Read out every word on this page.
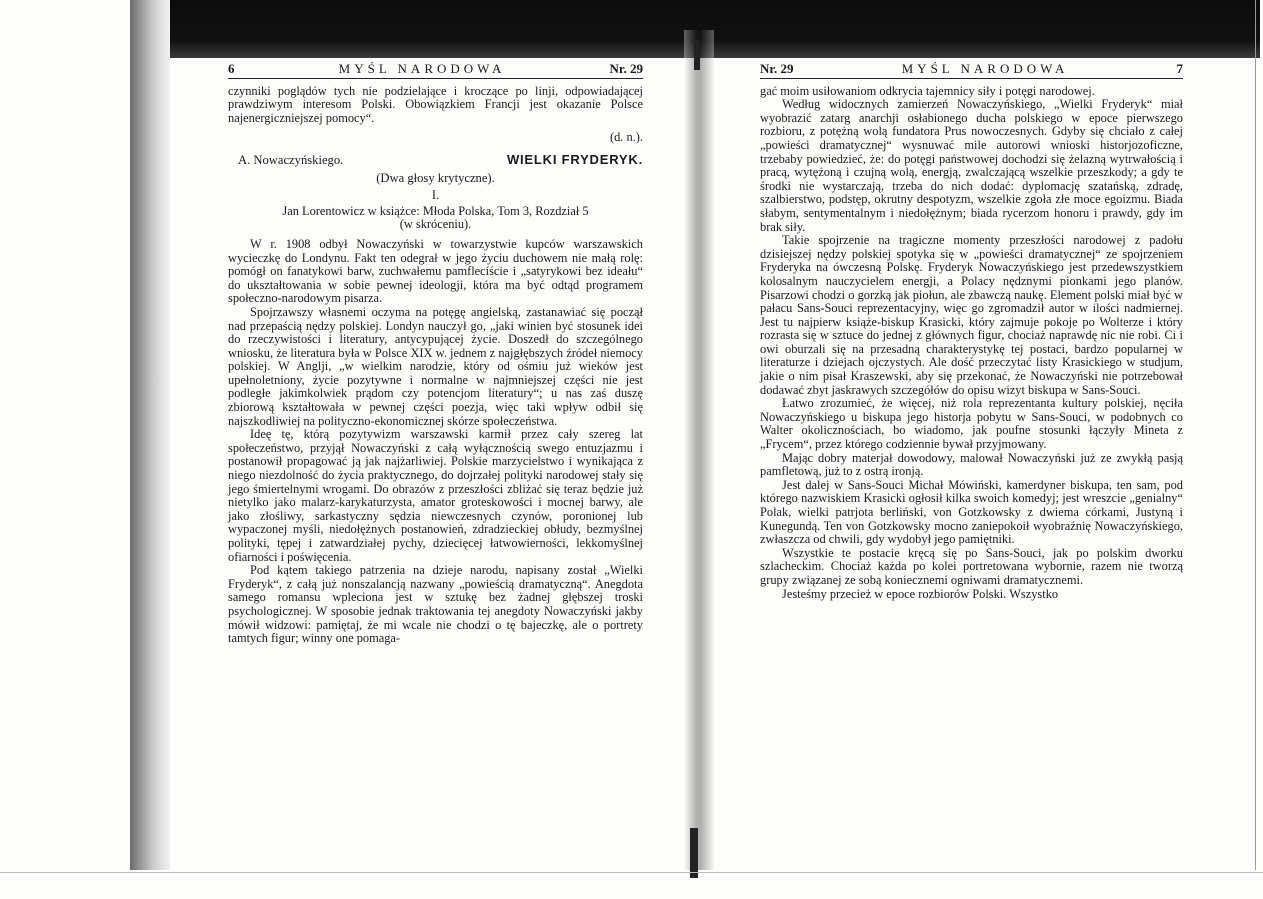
6	MYŚL NARODOWA	Nr. 29

czynniki poglądów tych nie podzielające i kroczące po linji, odpowiadającej prawdziwym interesom Polski. Obowiązkiem Francji jest okazanie Polsce najenergiczniejszej pomocy“.

(d. n.).
A. Nowaczyńskiego.	WIELKI FRYDERYK.

(Dwa głosy krytyczne).

I.

Jan Lorentowicz w książce: Młoda Polska, Tom 3, Rozdział 5
(w skróceniu).

W r. 1908 odbył Nowaczyński w towarzystwie kupców warszawskich wycieczkę do Londynu. Fakt ten odegrał w jego życiu duchowem nie małą rolę: pomógł on fanatykowi barw, zuchwałemu pamflecíście i „satyrykowi bez ideału“ do ukształtowania w sobie pewnej ideologji, która ma być odtąd programem społeczno-narodowym pisarza.

Spojrzawszy własnemi oczyma na potęgę angielską, zastanawiać się począł nad przepaścią nędzy polskiej. Londyn nauczył go, „jaki winien być stosunek idei do rzeczywistości i literatury, antycypującej życie. Doszedł do szczególnego wniosku, że literatura była w Polsce XIX w. jednem z najgłębszych źródeł niemocy polskiej. W Anglji, „w wielkim narodzie, który od ośmiu już wieków jest upełnoletniony, życie pozytywne i normalne w najmniejszej części nie jest podległe jakimkolwiek prądom czy potencjom literatury“; u nas zaś duszę zbiorową kształtowała w pewnej części poezja, więc taki wpływ odbił się najszkodliwiej na polityczno-ekonomicznej skórze społeczeństwa.

Ideę tę, którą pozytywizm warszawski karmił przez cały szereg lat społeczeństwo, przyjął Nowaczyński z całą wyłącznością swego entuzjazmu i postanowił propagować ją jak najżarliwiej. Polskie marzycielstwo i wynikająca z niego niezdolność do życia praktycznego, do dojrzałej polityki narodowej stały się jego śmiertelnymi wrogami. Do obrazów z przeszłości zbliżać się teraz będzie już nietylko jako malarz-karykaturzysta, amator groteskowości i mocnej barwy, ale jako złośliwy, sarkastyczny sędzia niewczesnych czynów, poronionej lub wypaczonej myśli, niedołężnych postanowień, zdradzieckiej obłudy, bezmyślnej polityki, tępej i zatwardziałej pychy, dziecięcej łatwowierności, lekkomyślnej ofiarności i poświęcenia.

Pod kątem takiego patrzenia na dzieje narodu, napisany został „Wielki Fryderyk“, z całą już nonszalancją nazwany „powieścią dramatyczną“. Anegdota samego romansu wpleciona jest w sztukę bez żadnej głębszej troski psychologicznej. W sposobie jednak traktowania tej anegdoty Nowaczyński jakby mówił widzowi: pamiętaj, że mi wcale nie chodzi o tę bajeczkę, ale o portrety tamtych figur; winny one pomaga-

Nr. 29	MYŚL NARODOWA	7

gać moim usiłowaniom odkrycia tajemnicy siły i potęgi narodowej.

Według widocznych zamierzeń Nowaczyńskiego, „Wielki Fryderyk“ miał wyobrazić zatarg anarchji osłabionego ducha polskiego w epoce pierwszego rozbioru, z potężną wolą fundatora Prus nowoczesnych. Gdyby się chciało z całej „powieści dramatycznej“ wysnuwać mile autorowi wnioski historjozoficzne, trzebaby powiedzieć, że: do potęgi państwowej dochodzi się żelazną wytrwałością i pracą, wytężoną i czujną wolą, energją, zwalczającą wszelkie przeszkody; a gdy te środki nie wystarczają, trzeba do nich dodać: dyplomację szatańską, zdradę, szalbierstwo, podstęp, okrutny despotyzm, wszelkie zgoła złe moce egoizmu. Biada słabym, sentymentalnym i niedołężnym; biada rycerzom honoru i prawdy, gdy im brak siły.

Takie spojrzenie na tragiczne momenty przeszłości narodowej z padołu dzisiejszej nędzy polskiej spotyka się w „powieści dramatycznej“ ze spojrzeniem Fryderyka na ówczesną Polskę. Fryderyk Nowaczyńskiego jest przedewszystkiem kolosalnym nauczycielem energji, a Polacy nędznymi pionkami jego planów. Pisarzowi chodzi o gorzką jak piołun, ale zbawczą naukę. Element polski miał być w pałacu Sans-Souci reprezentacyjny, więc go zgromadził autor w ilości nadmiernej. Jest tu najpierw książe-biskup Krasicki, który zajmuje pokoje po Wolterze i który rozrasta się w sztuce do jednej z głównych figur, chociaż naprawdę nic nie robi. Ci i owi oburzali się na przesadną charakterystykę tej postaci, bardzo popularnej w literaturze i dziejach ojczystych. Ale dość przeczytać listy Krasickiego w studjum, jakie o nim pisał Kraszewski, aby się przekonać, że Nowaczyński nie potrzebował dodawać zbyt jaskrawych szczegółów do opisu wizyt biskupa w Sans-Souci.

Łatwo zrozumieć, że więcej, niż rola reprezentanta kultury polskiej, nęciła Nowaczyńskiego u biskupa jego historja pobytu w Sans-Souci, w podobnych co Walter okolicznościach, bo wiadomo, jak poufne stosunki łączyły Mineta z „Frycem“, przez którego codziennie bywał przyjmowany.

Mając dobry materjał dowodowy, malował Nowaczyński już ze zwykłą pasją pamfletową, już to z ostrą ironją.

Jest dalej w Sans-Souci Michał Mówiński, kamerdyner biskupa, ten sam, pod którego nazwiskiem Krasicki ogłosił kilka swoich komedyj; jest wreszcie „genialny“ Polak, wielki patrjota berliński, von Gotzkowsky z dwiema córkami, Justyną i Kunegundą. Ten von Gotzkowsky mocno zaniepokoił wyobraźnię Nowaczyńskiego, zwłaszcza od chwili, gdy wydobył jego pamiętniki.

Wszystkie te postacie kręcą się po Sans-Souci, jak po polskim dworku szlacheckim. Chociaż każda po kolei portretowana wybornie, razem nie tworzą grupy związanej ze sobą koniecznemi ogniwami dramatycznemi.

Jesteśmy przecież w epoce rozbiorów Polski. Wszystko
